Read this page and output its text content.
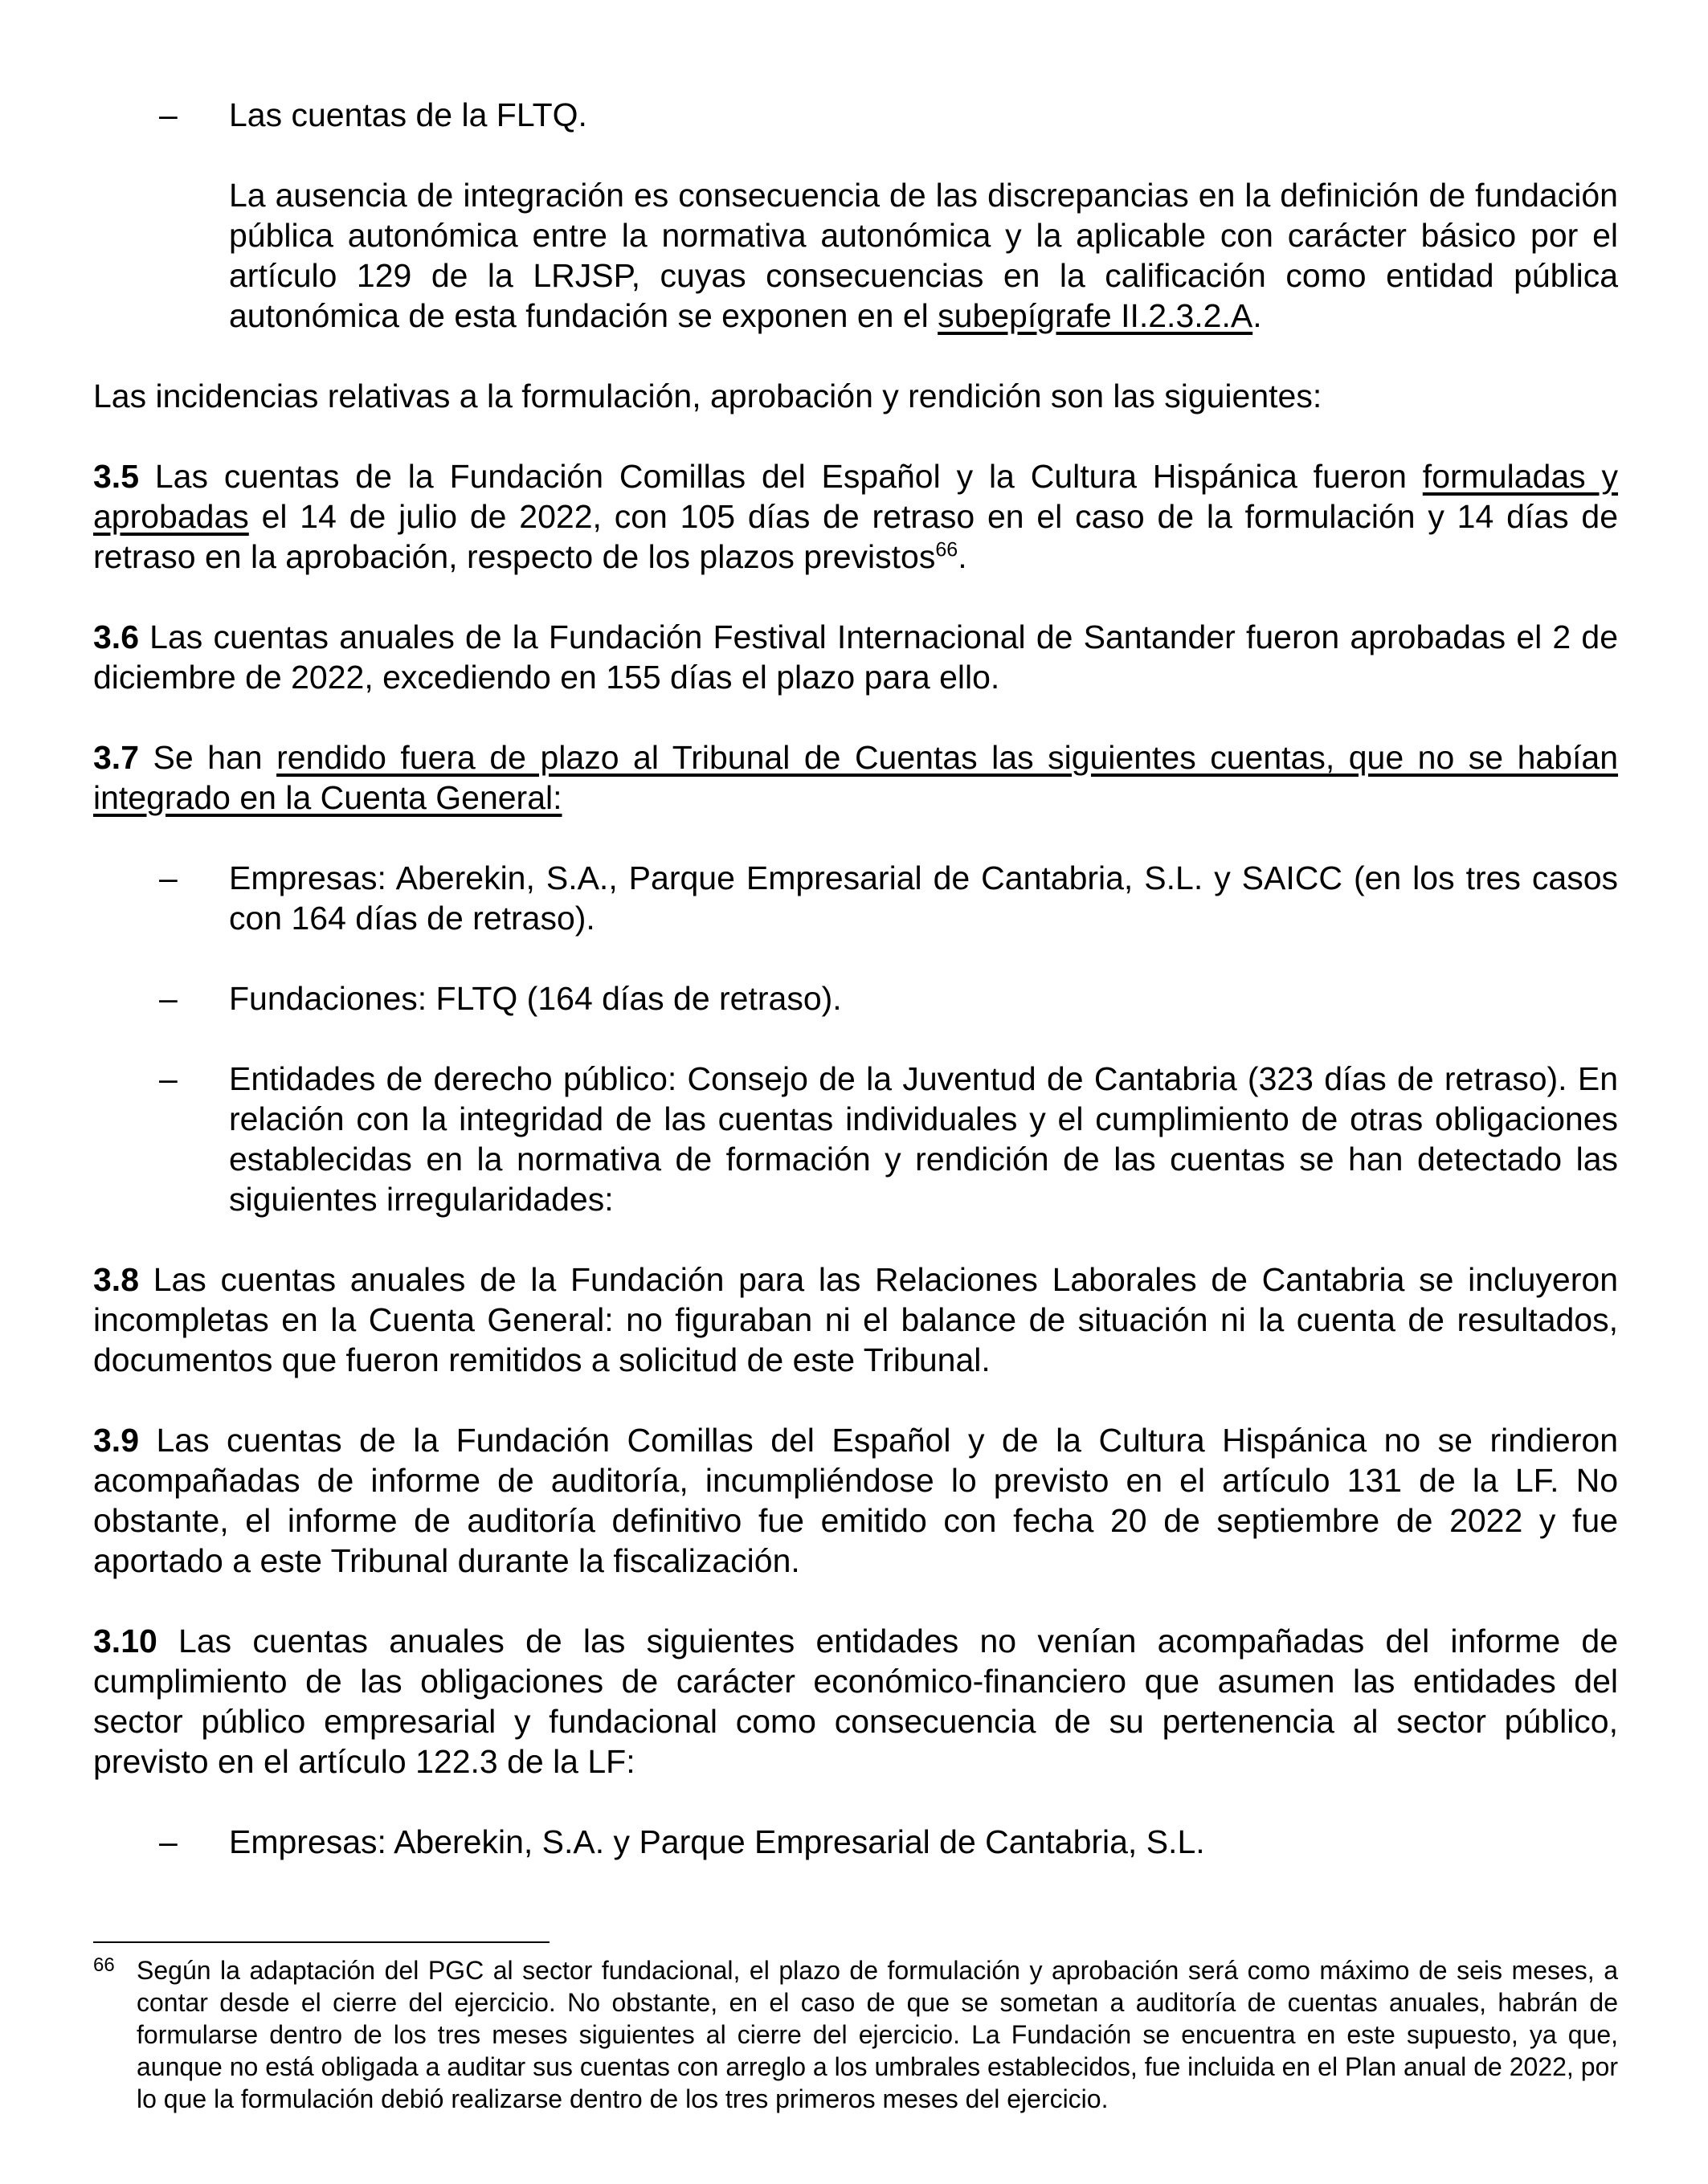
– Las cuentas de la FLTQ.
La ausencia de integración es consecuencia de las discrepancias en la definición de fundación pública autonómica entre la normativa autonómica y la aplicable con carácter básico por el artículo 129 de la LRJSP, cuyas consecuencias en la calificación como entidad pública autonómica de esta fundación se exponen en el subepígrafe II.2.3.2.A.

Las incidencias relativas a la formulación, aprobación y rendición son las siguientes:

3.5 Las cuentas de la Fundación Comillas del Español y la Cultura Hispánica fueron formuladas y aprobadas el 14 de julio de 2022, con 105 días de retraso en el caso de la formulación y 14 días de retraso en la aprobación, respecto de los plazos previstos$^{66}$.

3.6 Las cuentas anuales de la Fundación Festival Internacional de Santander fueron aprobadas el 2 de diciembre de 2022, excediendo en 155 días el plazo para ello.

3.7 Se han rendido fuera de plazo al Tribunal de Cuentas las siguientes cuentas, que no se habían integrado en la Cuenta General:

– Empresas: Aberekin, S.A., Parque Empresarial de Cantabria, S.L. y SAICC (en los tres casos con 164 días de retraso).
– Fundaciones: FLTQ (164 días de retraso).
– Entidades de derecho público: Consejo de la Juventud de Cantabria (323 días de retraso). En relación con la integridad de las cuentas individuales y el cumplimiento de otras obligaciones establecidas en la normativa de formación y rendición de las cuentas se han detectado las siguientes irregularidades:

3.8 Las cuentas anuales de la Fundación para las Relaciones Laborales de Cantabria se incluyeron incompletas en la Cuenta General: no figuraban ni el balance de situación ni la cuenta de resultados, documentos que fueron remitidos a solicitud de este Tribunal.

3.9 Las cuentas de la Fundación Comillas del Español y de la Cultura Hispánica no se rindieron acompañadas de informe de auditoría, incumpliéndose lo previsto en el artículo 131 de la LF. No obstante, el informe de auditoría definitivo fue emitido con fecha 20 de septiembre de 2022 y fue aportado a este Tribunal durante la fiscalización.

3.10 Las cuentas anuales de las siguientes entidades no venían acompañadas del informe de cumplimiento de las obligaciones de carácter económico-financiero que asumen las entidades del sector público empresarial y fundacional como consecuencia de su pertenencia al sector público, previsto en el artículo 122.3 de la LF:

– Empresas: Aberekin, S.A. y Parque Empresarial de Cantabria, S.L.
66 Según la adaptación del PGC al sector fundacional, el plazo de formulación y aprobación será como máximo de seis meses, a contar desde el cierre del ejercicio. No obstante, en el caso de que se sometan a auditoría de cuentas anuales, habrán de formularse dentro de los tres meses siguientes al cierre del ejercicio. La Fundación se encuentra en este supuesto, ya que, aunque no está obligada a auditar sus cuentas con arreglo a los umbrales establecidos, fue incluida en el Plan anual de 2022, por lo que la formulación debió realizarse dentro de los tres primeros meses del ejercicio.
